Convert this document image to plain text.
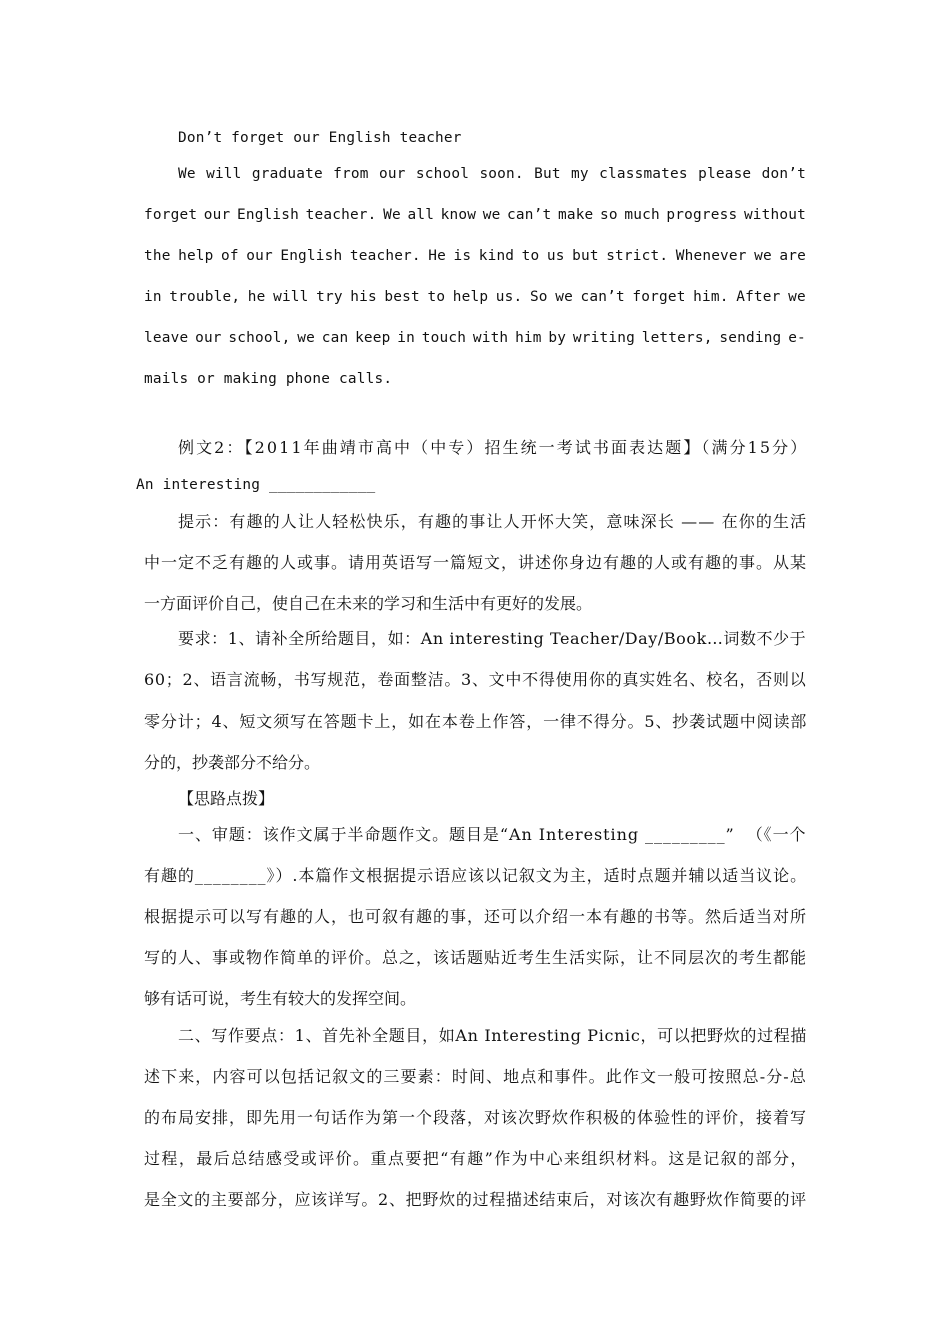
Don’t forget our English teacher
We will graduate from our school soon. But my classmates please don’t
forget our English teacher. We all know we can’t make so much progress without
the help of our English teacher. He is kind to us but strict. Whenever we are
in trouble, he will try his best to help us. So we can’t forget him. After we
leave our school, we can keep in touch with him by writing letters, sending e-
mails or making phone calls.
例文2：【2011年曲靖市高中（中专）招生统一考试书面表达题】（满分15分）
An interesting ____________
提示：有趣的人让人轻松快乐，有趣的事让人开怀大笑，意味深长 —— 在你的生活
中一定不乏有趣的人或事。请用英语写一篇短文，讲述你身边有趣的人或有趣的事。从某
一方面评价自己，使自己在未来的学习和生活中有更好的发展。
要求：1、请补全所给题目，如：An interesting Teacher/Day/Book…词数不少于
60；2、语言流畅，书写规范，卷面整洁。3、文中不得使用你的真实姓名、校名，否则以
零分计；4、短文须写在答题卡上，如在本卷上作答，一律不得分。5、抄袭试题中阅读部
分的，抄袭部分不给分。
【思路点拨】
一、审题：该作文属于半命题作文。题目是“An Interesting _________”  （《一个
有趣的________》）.本篇作文根据提示语应该以记叙文为主，适时点题并辅以适当议论。
根据提示可以写有趣的人，也可叙有趣的事，还可以介绍一本有趣的书等。然后适当对所
写的人、事或物作简单的评价。总之，该话题贴近考生生活实际，让不同层次的考生都能
够有话可说，考生有较大的发挥空间。
二、写作要点：1、首先补全题目，如An Interesting Picnic，可以把野炊的过程描
述下来，内容可以包括记叙文的三要素：时间、地点和事件。此作文一般可按照总-分-总
的布局安排，即先用一句话作为第一个段落，对该次野炊作积极的体验性的评价，接着写
过程，最后总结感受或评价。重点要把“有趣”作为中心来组织材料。这是记叙的部分，
是全文的主要部分，应该详写。2、把野炊的过程描述结束后，对该次有趣野炊作简要的评
